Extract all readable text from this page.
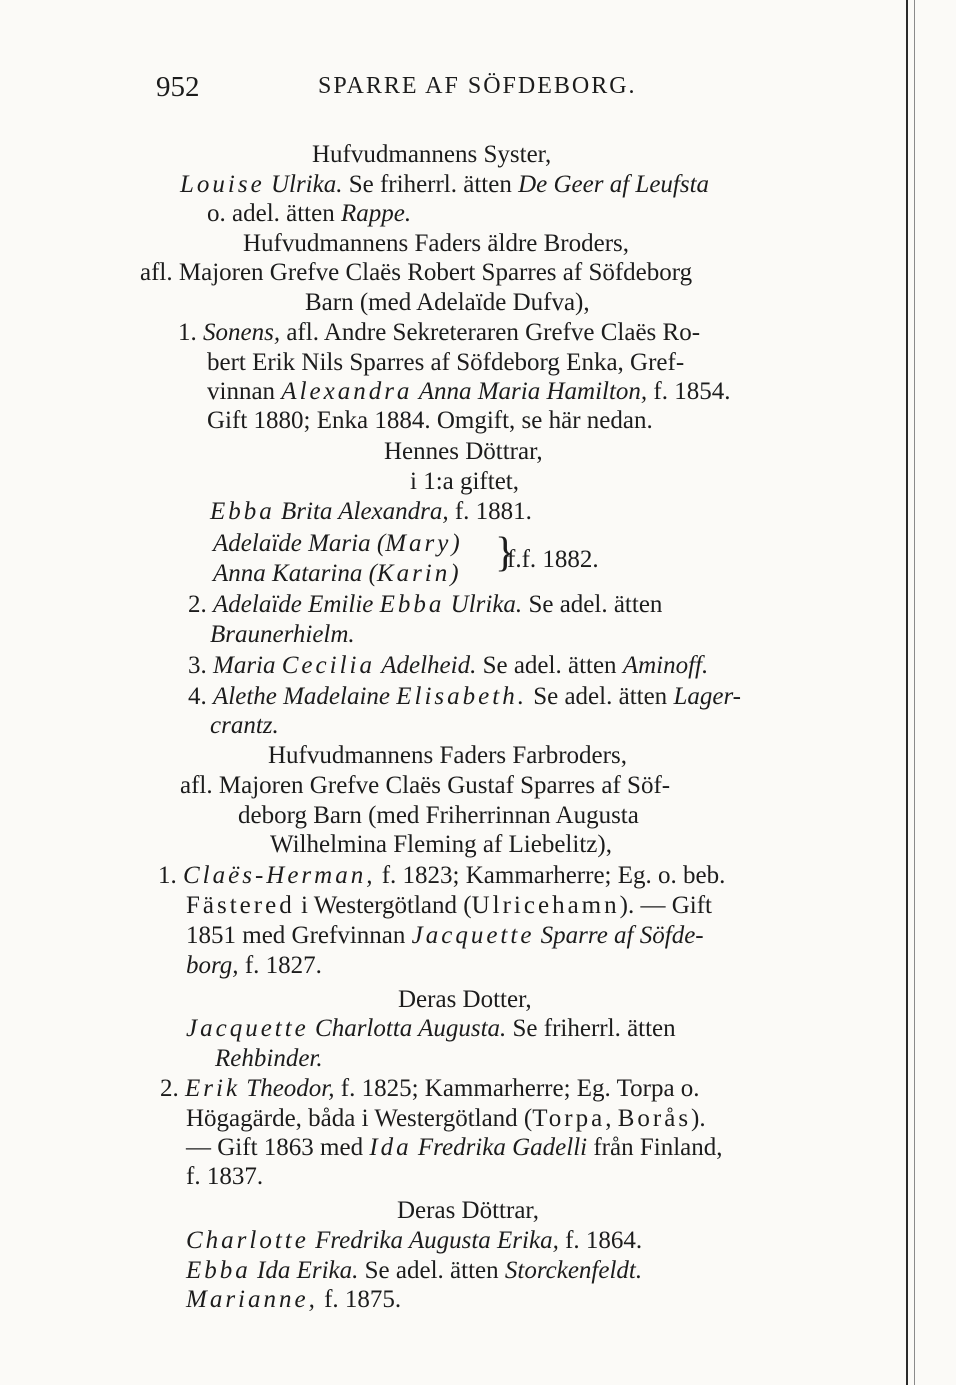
952	SPARRE AF SÖFDEBORG.
Hufvudmannens Syster,
Louise Ulrika. Se friherrl. ätten De Geer af Leufsta
o. adel. ätten Rappe.
Hufvudmannens Faders äldre Broders,
afl. Majoren Grefve Claës Robert Sparres af Söfdeborg
Barn (med Adelaïde Dufva),
1. Sonens, afl. Andre Sekreteraren Grefve Claës Ro-
bert Erik Nils Sparres af Söfdeborg Enka, Gref-
vinnan Alexandra Anna Maria Hamilton, f. 1854.
Gift 1880; Enka 1884. Omgift, se här nedan.
Hennes Döttrar,
i 1:a giftet,
Ebba Brita Alexandra, f. 1881.
Adelaïde Maria (Mary) }
f.f. 1882.
Anna Katarina (Karin)
2. Adelaïde Emilie Ebba Ulrika. Se adel. ätten
Braunerhielm.
3. Maria Cecilia Adelheid. Se adel. ätten Aminoff.
4. Alethe Madelaine Elisabeth. Se adel. ätten Lager-
crantz.
Hufvudmannens Faders Farbroders,
afl. Majoren Grefve Claës Gustaf Sparres af Söf-
deborg Barn (med Friherrinnan Augusta
Wilhelmina Fleming af Liebelitz),
1. Claës-Herman, f. 1823; Kammarherre; Eg. o. beb.
Fästered i Westergötland (Ulricehamn). — Gift
1851 med Grefvinnan Jacquette Sparre af Söfde-
borg, f. 1827.
Deras Dotter,
Jacquette Charlotta Augusta. Se friherrl. ätten
Rehbinder.
2. Erik Theodor, f. 1825; Kammarherre; Eg. Torpa o.
Högagärde, båda i Westergötland (Torpa, Borås).
— Gift 1863 med Ida Fredrika Gadelli från Finland,
f. 1837.
Deras Döttrar,
Charlotte Fredrika Augusta Erika, f. 1864.
Ebba Ida Erika. Se adel. ätten Storckenfeldt.
Marianne, f. 1875.
